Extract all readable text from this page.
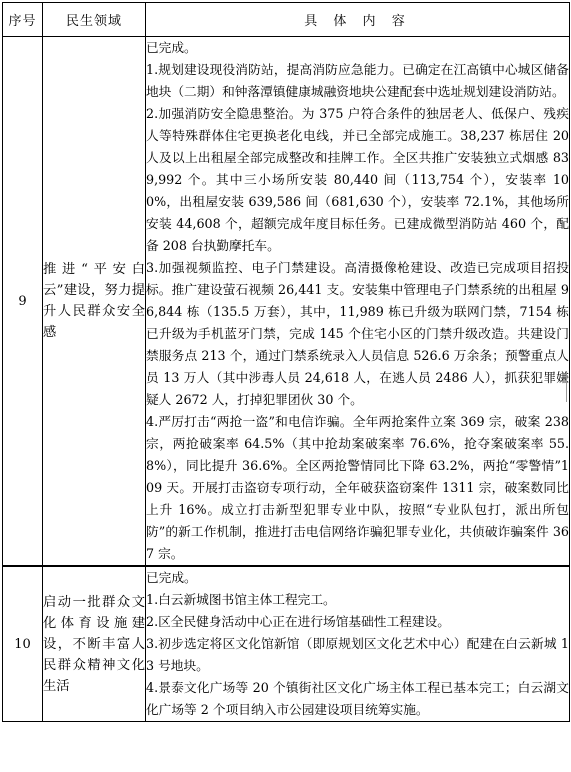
序号	民生领域	具 体 内 容
9	推进“平安白云”建设，努力提升人民群众安全感	已完成。

1.规划建设现役消防站，提高消防应急能力。已确定在江高镇中心城区储备地块（二期）和钟落潭镇健康城融资地块公建配套中选址规划建设消防站。

2.加强消防安全隐患整治。为 375 户符合条件的独居老人、低保户、残疾人等特殊群体住宅更换老化电线，并已全部完成施工。38,237 栋居住 20 人及以上出租屋全部完成整改和挂牌工作。全区共推广安装独立式烟感 839,992 个。其中三小场所安装 80,440 间（113,754 个），安装率 100%，出租屋安装 639,586 间（681,630 个），安装率 72.1%，其他场所安装 44,608 个，超额完成年度目标任务。已建成微型消防站 460 个，配备 208 台执勤摩托车。

3.加强视频监控、电子门禁建设。高清摄像枪建设、改造已完成项目招投标。推广建设萤石视频 26,441 支。安装集中管理电子门禁系统的出租屋 96,844 栋（135.5 万套），其中，11,989 栋已升级为联网门禁，7154 栋已升级为手机蓝牙门禁，完成 145 个住宅小区的门禁升级改造。共建设门禁服务点 213 个，通过门禁系统录入人员信息 526.6 万余条；预警重点人员 13 万人（其中涉毒人员 24,618 人，在逃人员 2486 人），抓获犯罪嫌疑人 2672 人，打掉犯罪团伙 30 个。

4.严厉打击“两抢一盗”和电信诈骗。全年两抢案件立案 369 宗，破案 238 宗，两抢破案率 64.5%（其中抢劫案破案率 76.6%，抢夺案破案率 55.8%），同比提升 36.6%。全区两抢警情同比下降 63.2%，两抢“零警情”109 天。开展打击盗窃专项行动，全年破获盗窃案件 1311 宗，破案数同比上升 16%。成立打击新型犯罪专业中队，按照“专业队包打，派出所包防”的新工作机制，推进打击电信网络诈骗犯罪专业化，共侦破诈骗案件 367 宗。

10	启动一批群众文化体育设施建设，不断丰富人民群众精神文化生活	已完成。

1.白云新城图书馆主体工程完工。

2.区全民健身活动中心正在进行场馆基础性工程建设。

3.初步选定将区文化馆新馆（即原规划区文化艺术中心）配建在白云新城 13 号地块。

4.景泰文化广场等 20 个镇街社区文化广场主体工程已基本完工；白云湖文化广场等 2 个项目纳入市公园建设项目统筹实施。
